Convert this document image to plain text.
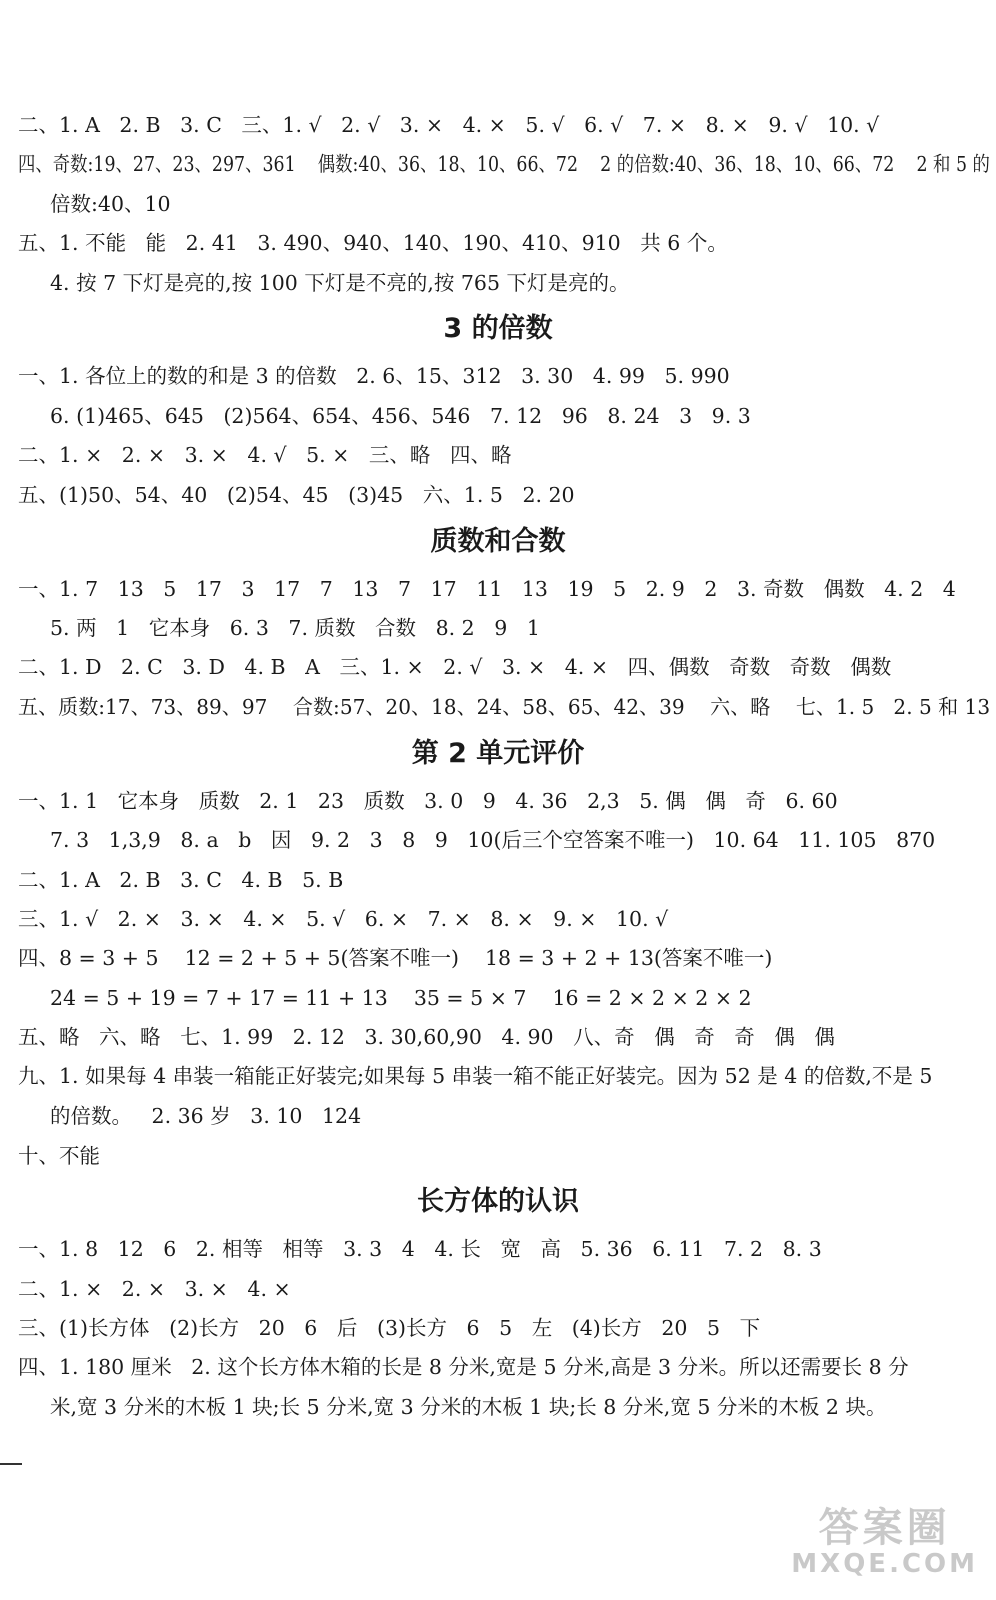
二、1. A   2. B   3. C   三、1. √   2. √   3. ×   4. ×   5. √   6. √   7. ×   8. ×   9. √   10. √
四、奇数:19、27、23、297、361    偶数:40、36、18、10、66、72    2 的倍数:40、36、18、10、66、72    2 和 5 的
倍数:40、10
五、1. 不能   能   2. 41   3. 490、940、140、190、410、910   共 6 个。
4. 按 7 下灯是亮的,按 100 下灯是不亮的,按 765 下灯是亮的。
3 的倍数
一、1. 各位上的数的和是 3 的倍数   2. 6、15、312   3. 30   4. 99   5. 990
6. (1)465、645   (2)564、654、456、546   7. 12   96   8. 24   3   9. 3
二、1. ×   2. ×   3. ×   4. √   5. ×   三、略   四、略
五、(1)50、54、40   (2)54、45   (3)45   六、1. 5   2. 20
质数和合数
一、1. 7   13   5   17   3   17   7   13   7   17   11   13   19   5   2. 9   2   3. 奇数   偶数   4. 2   4
5. 两   1   它本身   6. 3   7. 质数   合数   8. 2   9   1
二、1. D   2. C   3. D   4. B   A   三、1. ×   2. √   3. ×   4. ×   四、偶数   奇数   奇数   偶数
五、质数:17、73、89、97    合数:57、20、18、24、58、65、42、39    六、略    七、1. 5   2. 5 和 13
第 2 单元评价
一、1. 1   它本身   质数   2. 1   23   质数   3. 0   9   4. 36   2,3   5. 偶   偶   奇   6. 60
7. 3   1,3,9   8. a   b   因   9. 2   3   8   9   10(后三个空答案不唯一)   10. 64   11. 105   870
二、1. A   2. B   3. C   4. B   5. B
三、1. √   2. ×   3. ×   4. ×   5. √   6. ×   7. ×   8. ×   9. ×   10. √
四、8 = 3 + 5    12 = 2 + 5 + 5(答案不唯一)    18 = 3 + 2 + 13(答案不唯一)
24 = 5 + 19 = 7 + 17 = 11 + 13    35 = 5 × 7    16 = 2 × 2 × 2 × 2
五、略   六、略   七、1. 99   2. 12   3. 30,60,90   4. 90   八、奇   偶   奇   奇   偶   偶
九、1. 如果每 4 串装一箱能正好装完;如果每 5 串装一箱不能正好装完。因为 52 是 4 的倍数,不是 5
的倍数。   2. 36 岁   3. 10   124
十、不能
长方体的认识
一、1. 8   12   6   2. 相等   相等   3. 3   4   4. 长   宽   高   5. 36   6. 11   7. 2   8. 3
二、1. ×   2. ×   3. ×   4. ×
三、(1)长方体   (2)长方   20   6   后   (3)长方   6   5   左   (4)长方   20   5   下
四、1. 180 厘米   2. 这个长方体木箱的长是 8 分米,宽是 5 分米,高是 3 分米。所以还需要长 8 分
米,宽 3 分米的木板 1 块;长 5 分米,宽 3 分米的木板 1 块;长 8 分米,宽 5 分米的木板 2 块。
答案圈
MXQE.COM
